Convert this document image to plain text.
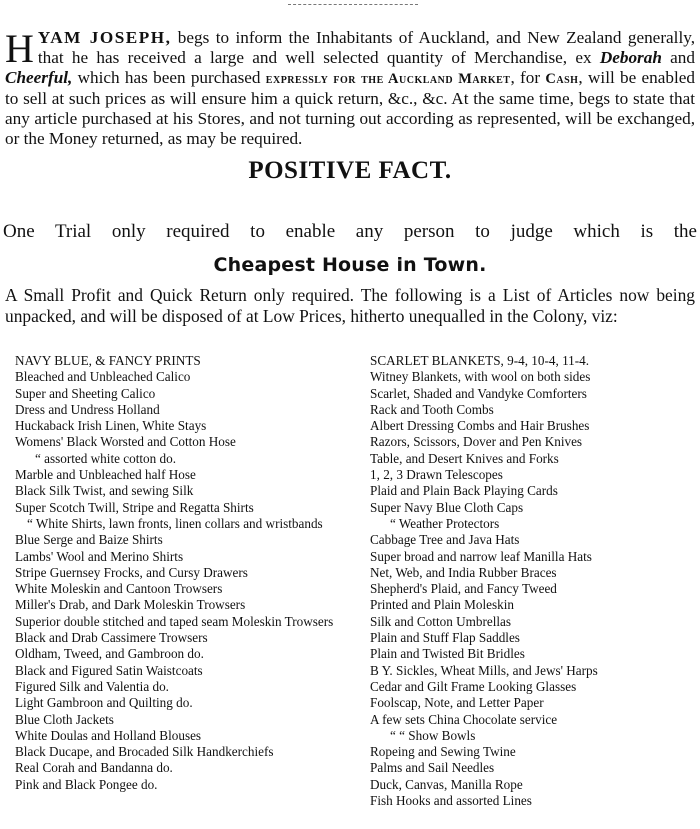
HYAM JOSEPH, begs to inform the Inhabitants of Auckland, and New Zealand generally, that he has received a large and well selected quantity of Merchandise, ex Deborah and Cheerful, which has been purchased expressly for the Auckland Market, for Cash, will be enabled to sell at such prices as will ensure him a quick return, &c., &c. At the same time, begs to state that any article purchased at his Stores, and not turning out according as represented, will be exchanged, or the Money returned, as may be required.

POSITIVE FACT.

One Trial only required to enable any person to judge which is the

Cheapest House in Town.

A Small Profit and Quick Return only required. The following is a List of Articles now being unpacked, and will be disposed of at Low Prices, hitherto unequalled in the Colony, viz:

NAVY BLUE, & FANCY PRINTS
Bleached and Unbleached Calico
Super and Sheeting Calico
Dress and Undress Holland
Huckaback Irish Linen, White Stays
Womens' Black Worsted and Cotton Hose
“ assorted white cotton do.
Marble and Unbleached half Hose
Black Silk Twist, and sewing Silk
Super Scotch Twill, Stripe and Regatta Shirts
“ White Shirts, lawn fronts, linen collars and wristbands
Blue Serge and Baize Shirts
Lambs' Wool and Merino Shirts
Stripe Guernsey Frocks, and Cursy Drawers
White Moleskin and Cantoon Trowsers
Miller's Drab, and Dark Moleskin Trowsers
Superior double stitched and taped seam Moleskin Trowsers
Black and Drab Cassimere Trowsers
Oldham, Tweed, and Gambroon do.
Black and Figured Satin Waistcoats
Figured Silk and Valentia do.
Light Gambroon and Quilting do.
Blue Cloth Jackets
White Doulas and Holland Blouses
Black Ducape, and Brocaded Silk Handkerchiefs
Real Corah and Bandanna do.
Pink and Black Pongee do.
SCARLET BLANKETS, 9-4, 10-4, 11-4.
Witney Blankets, with wool on both sides
Scarlet, Shaded and Vandyke Comforters
Rack and Tooth Combs
Albert Dressing Combs and Hair Brushes
Razors, Scissors, Dover and Pen Knives
Table, and Desert Knives and Forks
1, 2, 3 Drawn Telescopes
Plaid and Plain Back Playing Cards
Super Navy Blue Cloth Caps
“ Weather Protectors
Cabbage Tree and Java Hats
Super broad and narrow leaf Manilla Hats
Net, Web, and India Rubber Braces
Shepherd's Plaid, and Fancy Tweed
Printed and Plain Moleskin
Silk and Cotton Umbrellas
Plain and Stuff Flap Saddles
Plain and Twisted Bit Bridles
B Y. Sickles, Wheat Mills, and Jews' Harps
Cedar and Gilt Frame Looking Glasses
Foolscap, Note, and Letter Paper
A few sets China Chocolate service
“ “ Show Bowls
Ropeing and Sewing Twine
Palms and Sail Needles
Duck, Canvas, Manilla Rope
Fish Hooks and assorted Lines
